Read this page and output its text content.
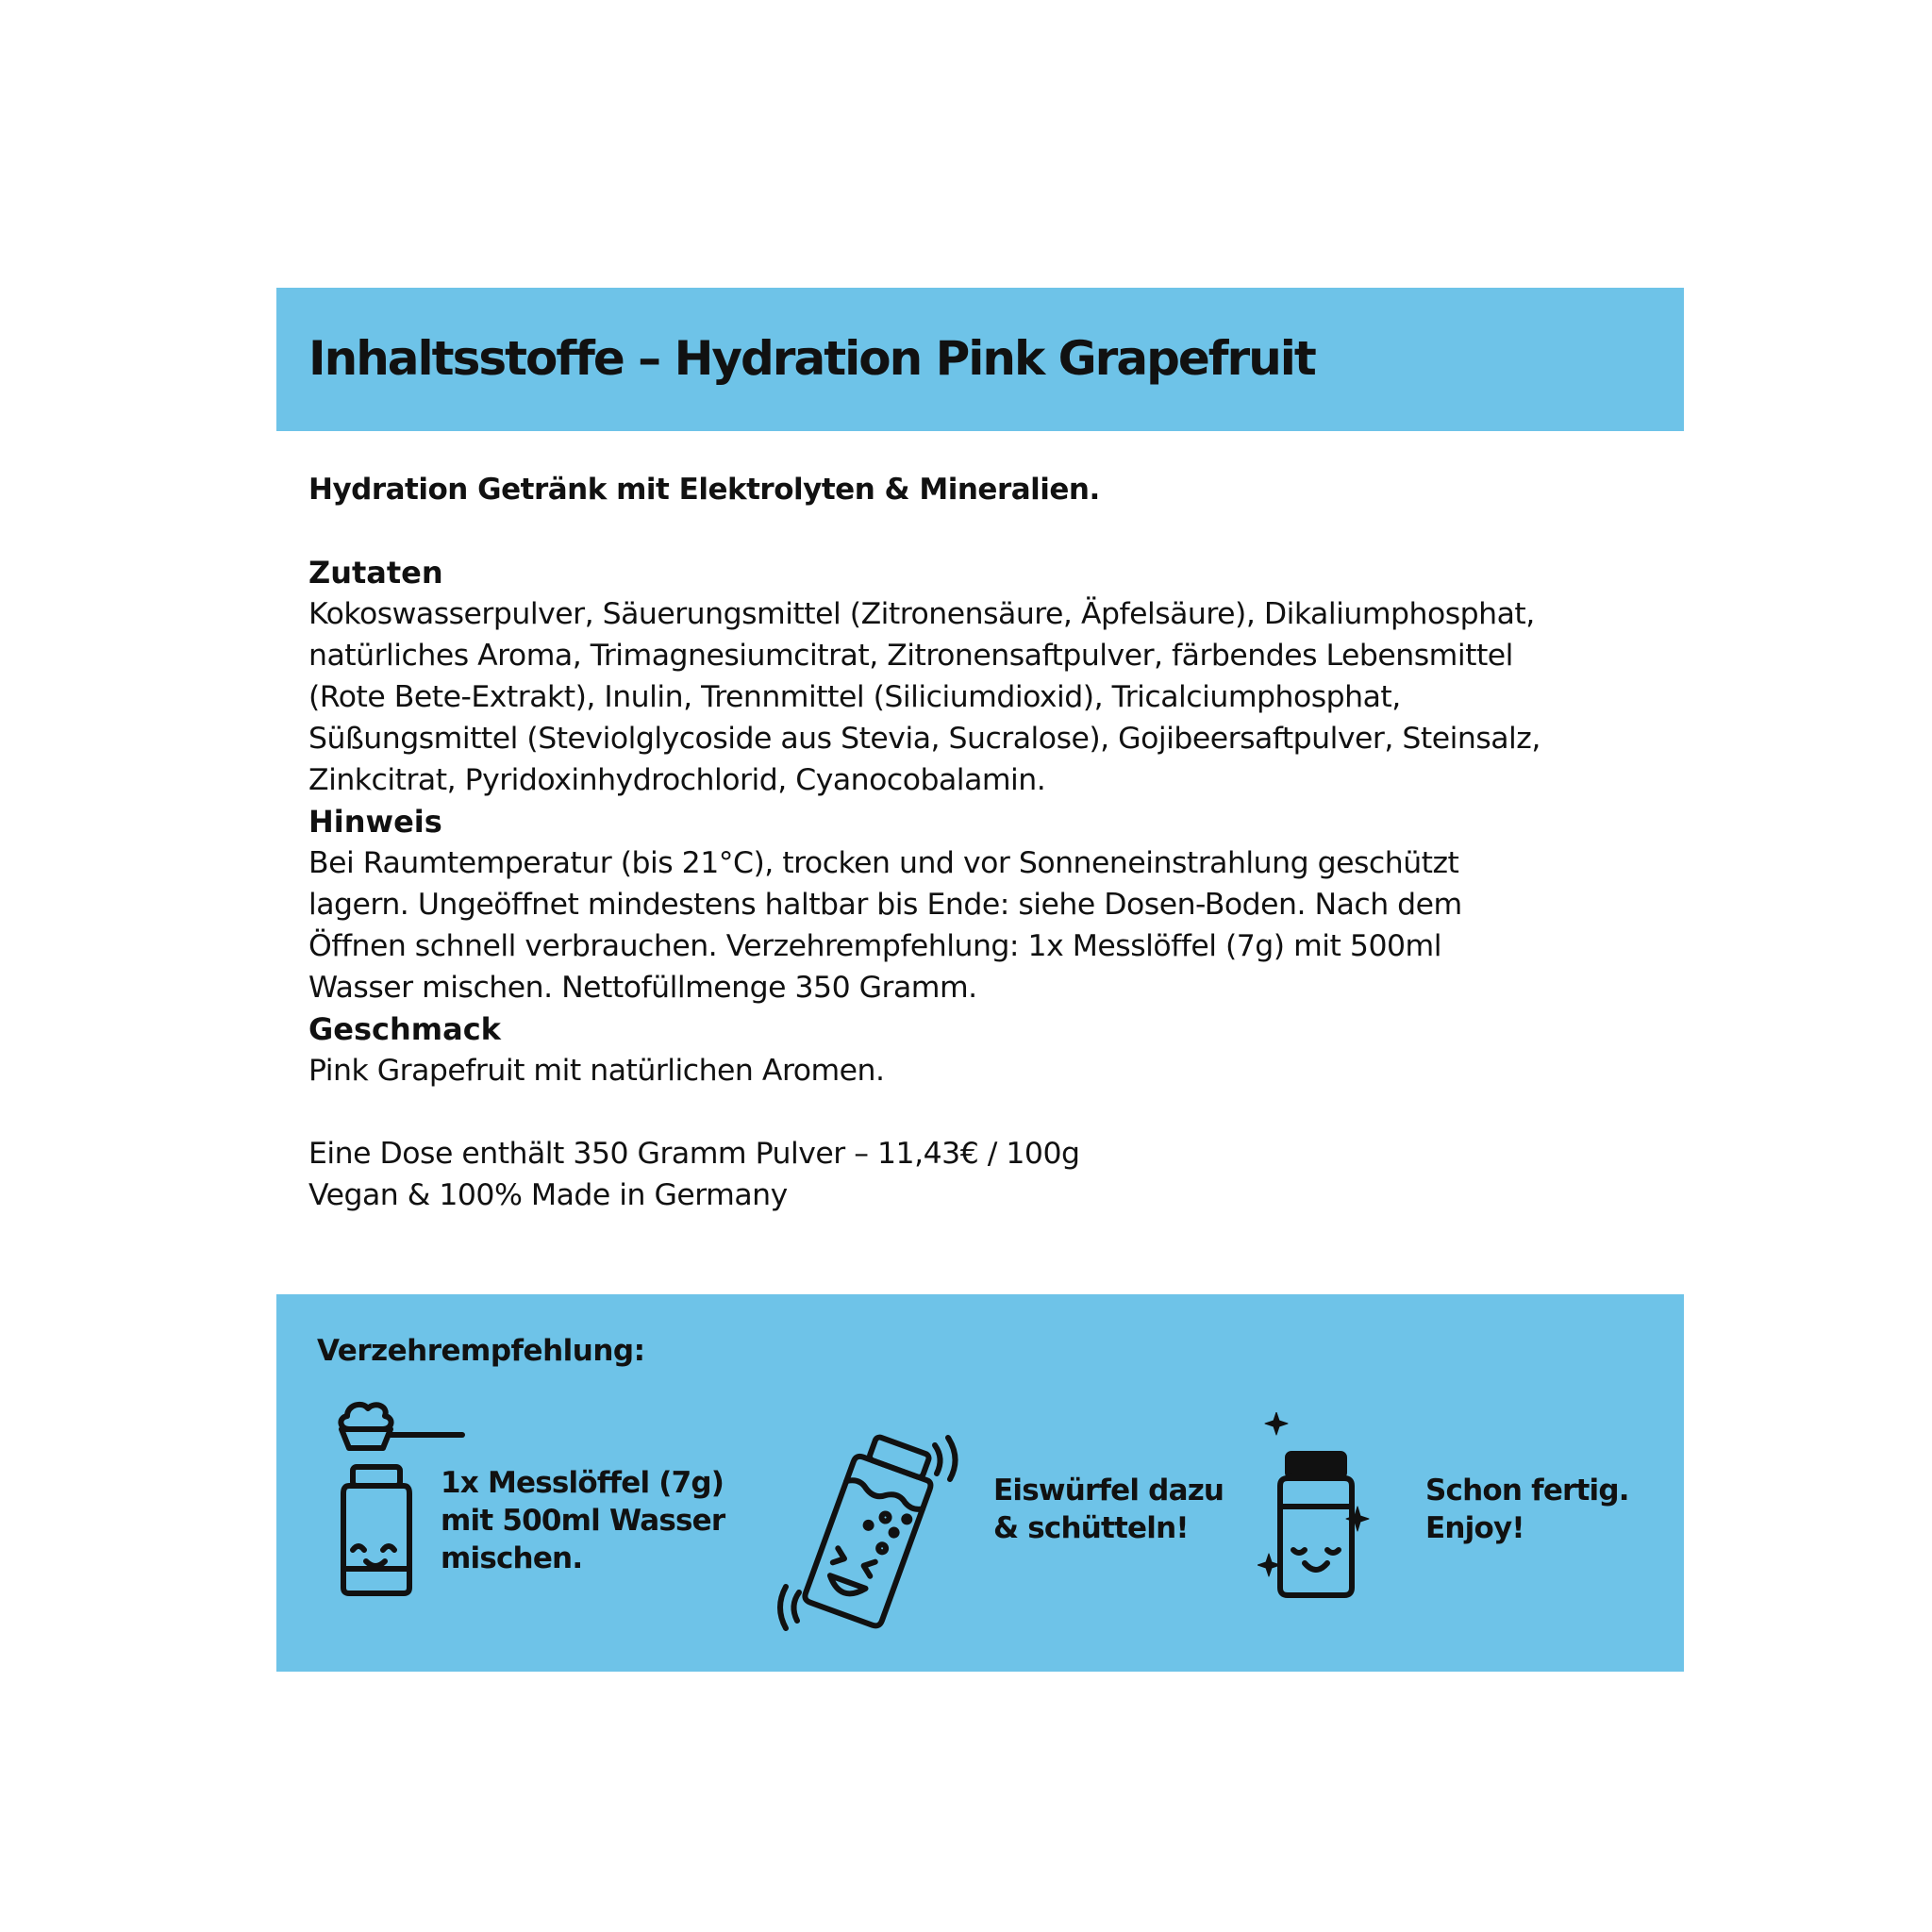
Inhaltsstoffe – Hydration Pink Grapefruit

Hydration Getränk mit Elektrolyten & Mineralien.

Zutaten

Kokoswasserpulver, Säuerungsmittel (Zitronensäure, Äpfelsäure), Dikaliumphosphat,

natürliches Aroma, Trimagnesiumcitrat, Zitronensaftpulver, färbendes Lebensmittel

(Rote Bete-Extrakt), Inulin, Trennmittel (Siliciumdioxid), Tricalciumphosphat,

Süßungsmittel (Steviolglycoside aus Stevia, Sucralose), Gojibeersaftpulver, Steinsalz,

Zinkcitrat, Pyridoxinhydrochlorid, Cyanocobalamin.

Hinweis

Bei Raumtemperatur (bis 21°C), trocken und vor Sonneneinstrahlung geschützt

lagern. Ungeöffnet mindestens haltbar bis Ende: siehe Dosen-Boden. Nach dem

Öffnen schnell verbrauchen. Verzehrempfehlung: 1x Messlöffel (7g) mit 500ml

Wasser mischen. Nettofüllmenge 350 Gramm.

Geschmack

Pink Grapefruit mit natürlichen Aromen.

Eine Dose enthält 350 Gramm Pulver – 11,43€ / 100g

Vegan & 100% Made in Germany

Verzehrempfehlung:

1x Messlöffel (7g)
mit 500ml Wasser
mischen.
Eiswürfel dazu
& schütteln!
Schon fertig.
Enjoy!
